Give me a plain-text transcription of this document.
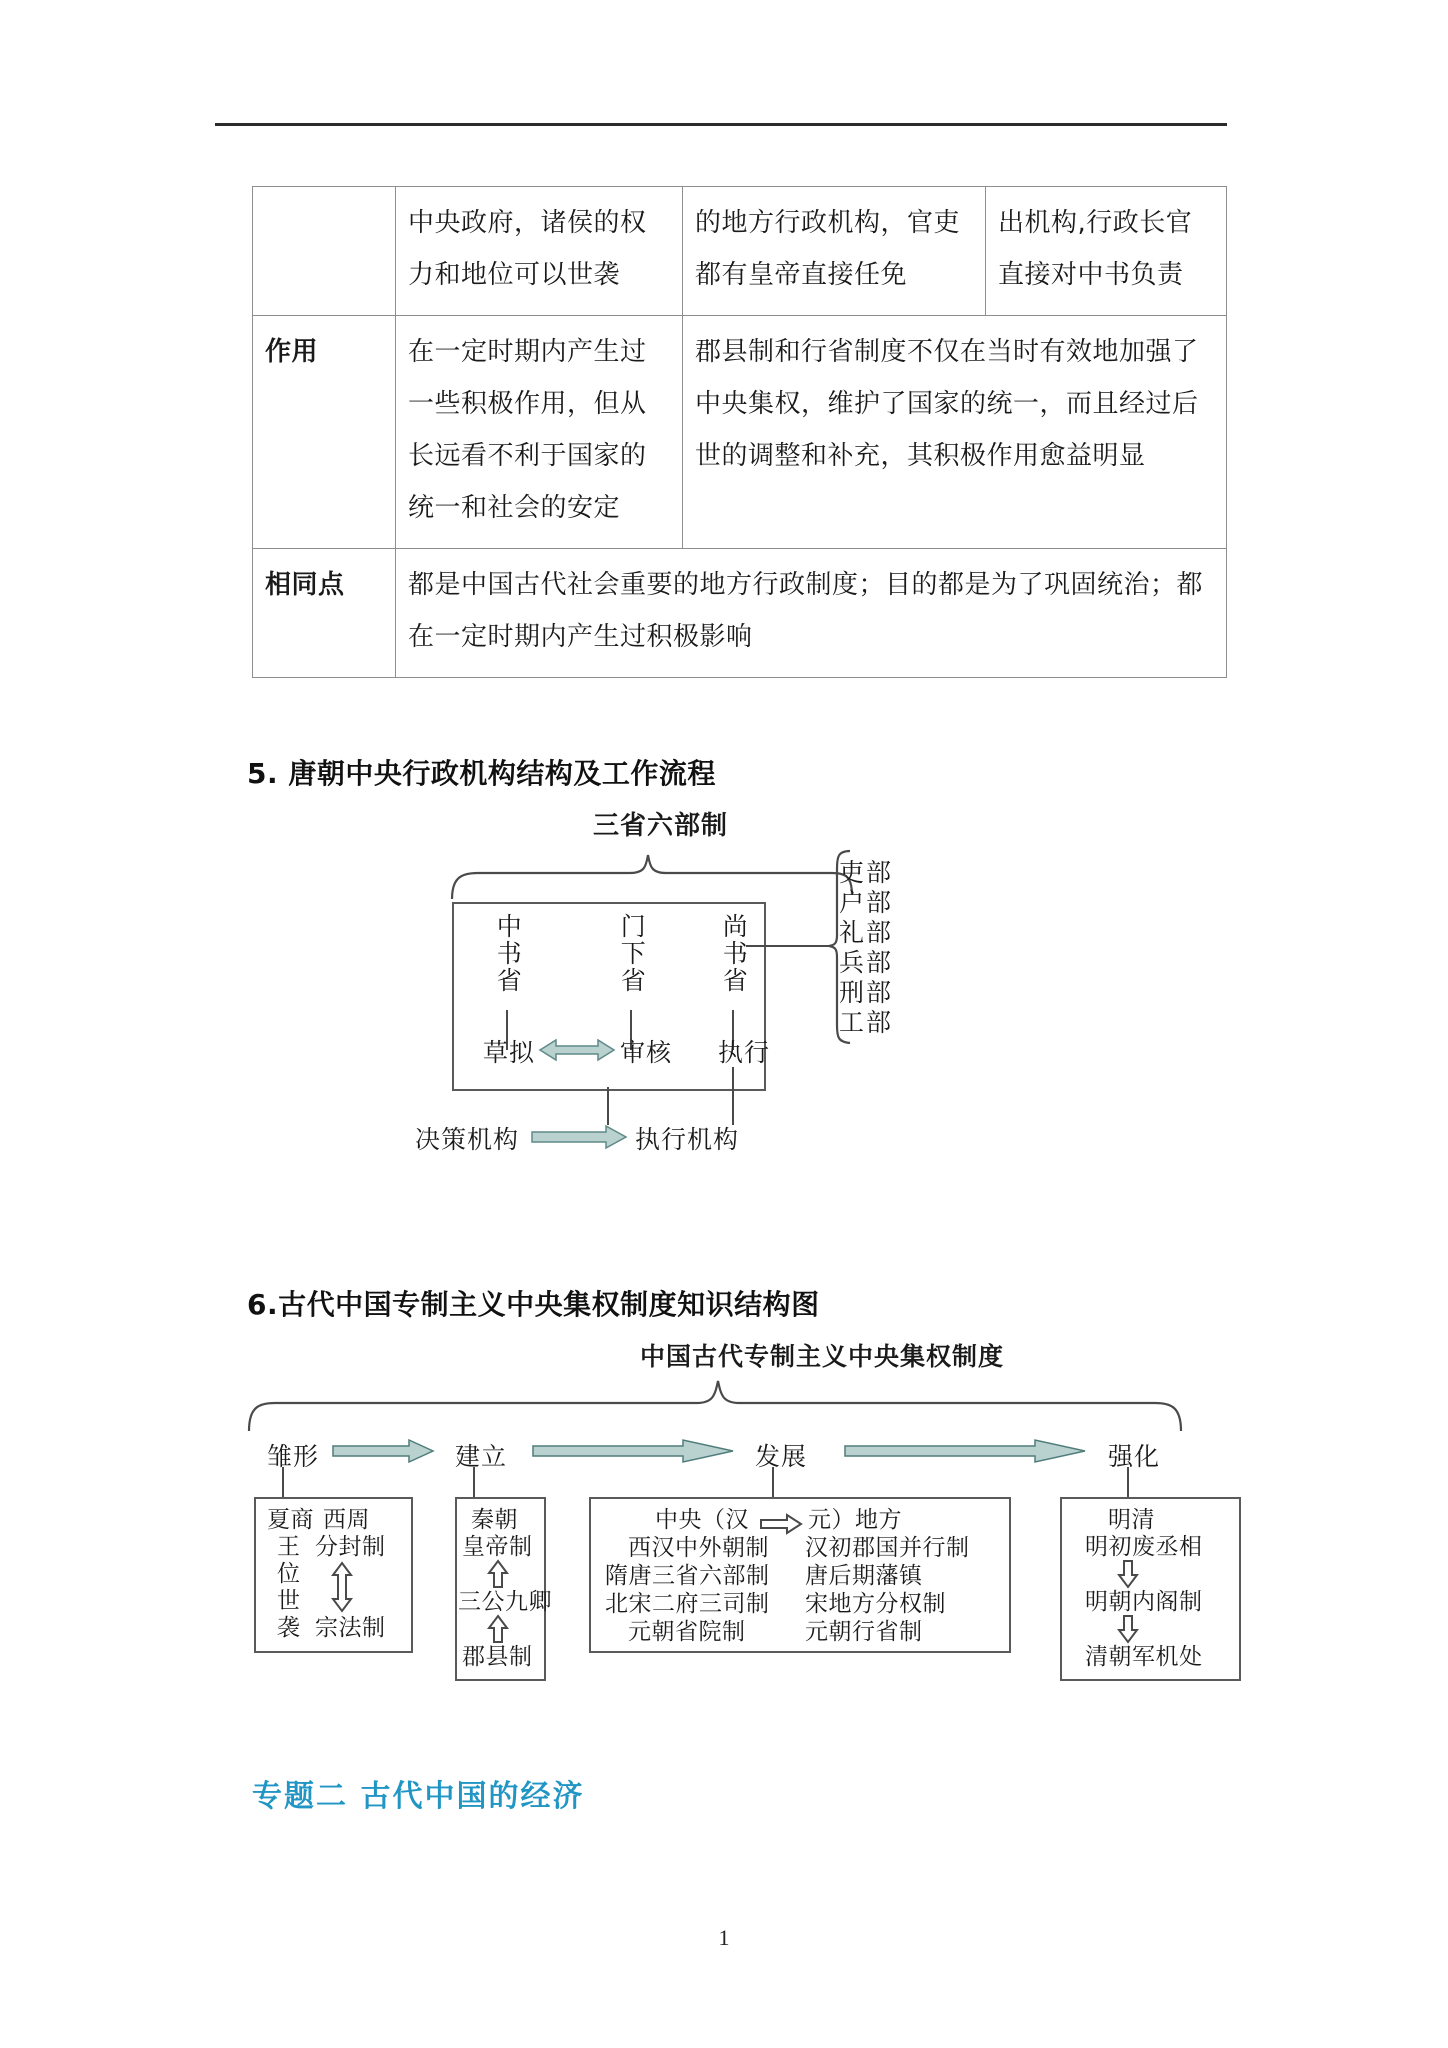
	中央政府，诸侯的权力和地位可以世袭	的地方行政机构，官吏都有皇帝直接任免	出机构,行政长官直接对中书负责
作用	在一定时期内产生过一些积极作用，但从长远看不利于国家的统一和社会的安定	郡县制和行省制度不仅在当时有效地加强了中央集权，维护了国家的统一，而且经过后世的调整和补充，其积极作用愈益明显	
相同点	都是中国古代社会重要的地方行政制度；目的都是为了巩固统治；都在一定时期内产生过积极影响		
5. 唐朝中央行政机构结构及工作流程
三省六部制
中书省	门下省	尚书省
草拟	审核 执行
决策机构	执行机构
吏部
户部
礼部
兵部
刑部
工部
6.古代中国专制主义中央集权制度知识结构图
中国古代专制主义中央集权制度
雏形	建立	发展	强化
夏商
王
位
世
袭
西周
分封制
宗法制
秦朝
皇帝制
三公九卿
郡县制
中央（汉	元）地方
西汉中外朝制 汉初郡国并行制
隋唐三省六部制 唐后期藩镇
北宋二府三司制 宋地方分权制
元朝省院制	元朝行省制
明清
明初废丞相
明朝内阁制
清朝军机处
专题二 古代中国的经济
1
